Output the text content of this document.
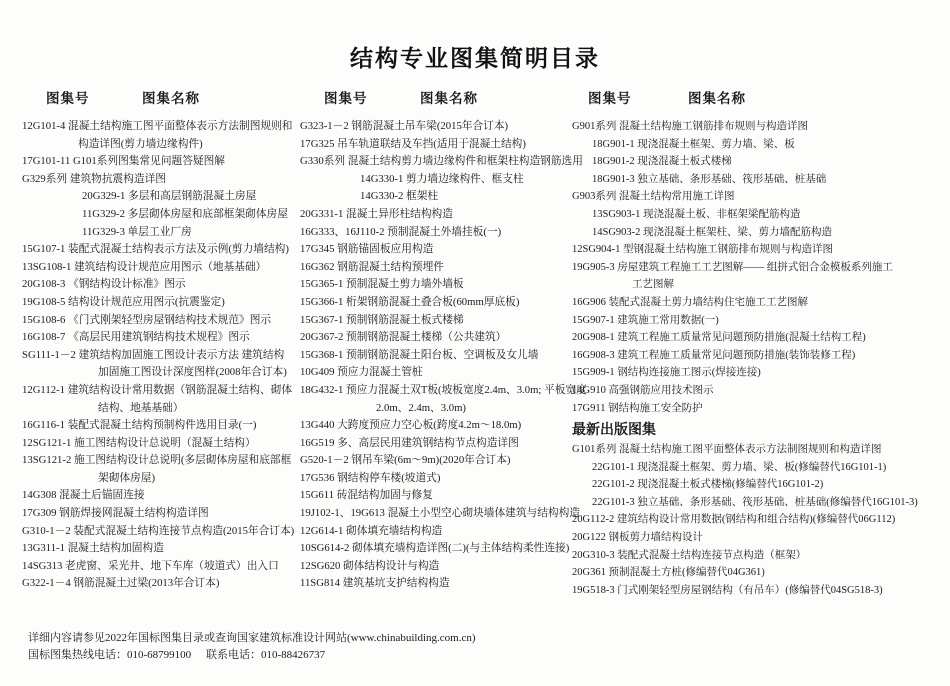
结构专业图集简明目录
图集号	图集名称
12G101-4 混凝土结构施工图平面整体表示方法制图规则和
构造详图(剪力墙边缘构件)
17G101-11 G101系列图集常见问题答疑图解
G329系列 建筑物抗震构造详图
20G329-1 多层和高层钢筋混凝土房屋
11G329-2 多层砌体房屋和底部框架砌体房屋
11G329-3 单层工业厂房
15G107-1 装配式混凝土结构表示方法及示例(剪力墙结构)
13SG108-1 建筑结构设计规范应用图示（地基基础）
20G108-3 《钢结构设计标准》图示
19G108-5 结构设计规范应用图示(抗震鉴定)
15G108-6 《门式刚架轻型房屋钢结构技术规范》图示
16G108-7 《高层民用建筑钢结构技术规程》图示
SG111-1－2 建筑结构加固施工图设计表示方法 建筑结构
加固施工图设计深度图样(2008年合订本)
12G112-1 建筑结构设计常用数据（钢筋混凝土结构、砌体
结构、地基基础）
16G116-1 装配式混凝土结构预制构件选用目录(一)
12SG121-1 施工图结构设计总说明（混凝土结构）
13SG121-2 施工图结构设计总说明(多层砌体房屋和底部框
架砌体房屋)
14G308 混凝土后锚固连接
17G309 钢筋焊接网混凝土结构构造详图
G310-1－2 装配式混凝土结构连接节点构造(2015年合订本)
13G311-1 混凝土结构加固构造
14SG313 老虎窗、采光井、地下车库（坡道式）出入口
G322-1－4 钢筋混凝土过梁(2013年合订本)
图集号	图集名称
G323-1－2 钢筋混凝土吊车梁(2015年合订本)
17G325 吊车轨道联结及车挡(适用于混凝土结构)
G330系列 混凝土结构剪力墙边缘构件和框架柱构造钢筋选用
14G330-1 剪力墙边缘构件、框支柱
14G330-2 框架柱
20G331-1 混凝土异形柱结构构造
16G333、16J110-2 预制混凝土外墙挂板(一)
17G345 钢筋锚固板应用构造
16G362 钢筋混凝土结构预埋件
15G365-1 预制混凝土剪力墙外墙板
15G366-1 桁架钢筋混凝土叠合板(60mm厚底板)
15G367-1 预制钢筋混凝土板式楼梯
20G367-2 预制钢筋混凝土楼梯（公共建筑）
15G368-1 预制钢筋混凝土阳台板、空调板及女儿墙
10G409 预应力混凝土管桩
18G432-1 预应力混凝土双T板(坡板宽度2.4m、3.0m; 平板宽度
2.0m、2.4m、3.0m)
13G440 大跨度预应力空心板(跨度4.2m～18.0m)
16G519 多、高层民用建筑钢结构节点构造详图
G520-1－2 钢吊车梁(6m～9m)(2020年合订本)
17G536 钢结构停车楼(坡道式)
15G611 砖混结构加固与修复
19J102-1、19G613 混凝土小型空心砌块墙体建筑与结构构造
12G614-1 砌体填充墙结构构造
10SG614-2 砌体填充墙构造详图(二)(与主体结构柔性连接)
12SG620 砌体结构设计与构造
11SG814 建筑基坑支护结构构造
图集号	图集名称
G901系列 混凝土结构施工钢筋排布规则与构造详图
18G901-1 现浇混凝土框架、剪力墙、梁、板
18G901-2 现浇混凝土板式楼梯
18G901-3 独立基础、条形基础、筏形基础、桩基础
G903系列 混凝土结构常用施工详图
13SG903-1 现浇混凝土板、非框架梁配筋构造
14SG903-2 现浇混凝土框架柱、梁、剪力墙配筋构造
12SG904-1 型钢混凝土结构施工钢筋排布规则与构造详图
19G905-3 房屋建筑工程施工工艺图解—— 组拼式铝合金模板系列施工
工艺图解
16G906 装配式混凝土剪力墙结构住宅施工工艺图解
15G907-1 建筑施工常用数据(一)
20G908-1 建筑工程施工质量常见问题预防措施(混凝土结构工程)
16G908-3 建筑工程施工质量常见问题预防措施(装饰装修工程)
15G909-1 钢结构连接施工图示(焊接连接)
14G910 高强钢筋应用技术图示
17G911 钢结构施工安全防护
最新出版图集
G101系列 混凝土结构施工图平面整体表示方法制图规则和构造详图
22G101-1 现浇混凝土框架、剪力墙、梁、板(修编替代16G101-1)
22G101-2 现浇混凝土板式楼梯(修编替代16G101-2)
22G101-3 独立基础、条形基础、筏形基础、桩基础(修编替代16G101-3)
20G112-2 建筑结构设计常用数据(钢结构和组合结构)(修编替代06G112)
20G122 钢板剪力墙结构设计
20G310-3 装配式混凝土结构连接节点构造（框架）
20G361 预制混凝土方桩(修编替代04G361)
19G518-3 门式刚架轻型房屋钢结构（有吊车）(修编替代04SG518-3)
详细内容请参见2022年国标图集目录或查询国家建筑标准设计网站(www.chinabuilding.com.cn)
国标图集热线电话：010-68799100	联系电话：010-88426737
